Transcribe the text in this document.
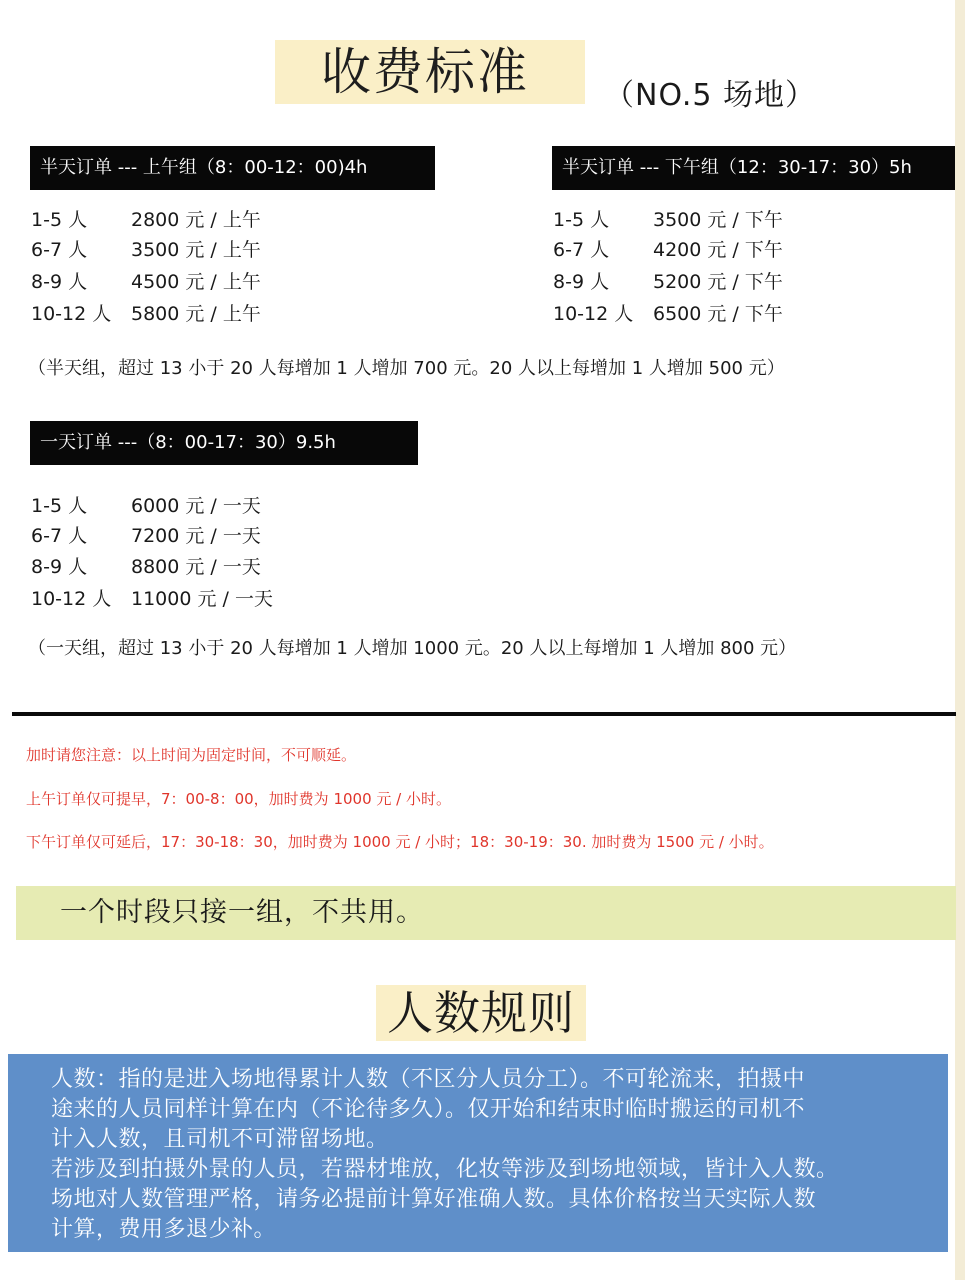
收费标准	（NO.5 场地）
半天订单 --- 上午组（8：00-12：00)4h
1-5 人 2800 元 / 上午
6-7 人 3500 元 / 上午
8-9 人 4500 元 / 上午
10-12 人 5800 元 / 上午
半天订单 --- 下午组（12：30-17：30）5h
1-5 人 3500 元 / 下午
6-7 人 4200 元 / 下午
8-9 人 5200 元 / 下午
10-12 人 6500 元 / 下午
（半天组，超过 13 小于 20 人每增加 1 人增加 700 元。20 人以上每增加 1 人增加 500 元）
一天订单 ---（8：00-17：30）9.5h
1-5 人 6000 元 / 一天
6-7 人 7200 元 / 一天
8-9 人 8800 元 / 一天
10-12 人 11000 元 / 一天
（一天组，超过 13 小于 20 人每增加 1 人增加 1000 元。20 人以上每增加 1 人增加 800 元）
加时请您注意：以上时间为固定时间，不可顺延。
上午订单仅可提早，7：00-8：00，加时费为 1000 元 / 小时。
下午订单仅可延后，17：30-18：30，加时费为 1000 元 / 小时；18：30-19：30. 加时费为 1500 元 / 小时。
一个时段只接一组，不共用。
人数规则
人数：指的是进入场地得累计人数（不区分人员分工）。不可轮流来，拍摄中
途来的人员同样计算在内（不论待多久）。仅开始和结束时临时搬运的司机不
计入人数，且司机不可滞留场地。
若涉及到拍摄外景的人员，若器材堆放，化妆等涉及到场地领域，皆计入人数。
场地对人数管理严格，请务必提前计算好准确人数。具体价格按当天实际人数
计算，费用多退少补。
